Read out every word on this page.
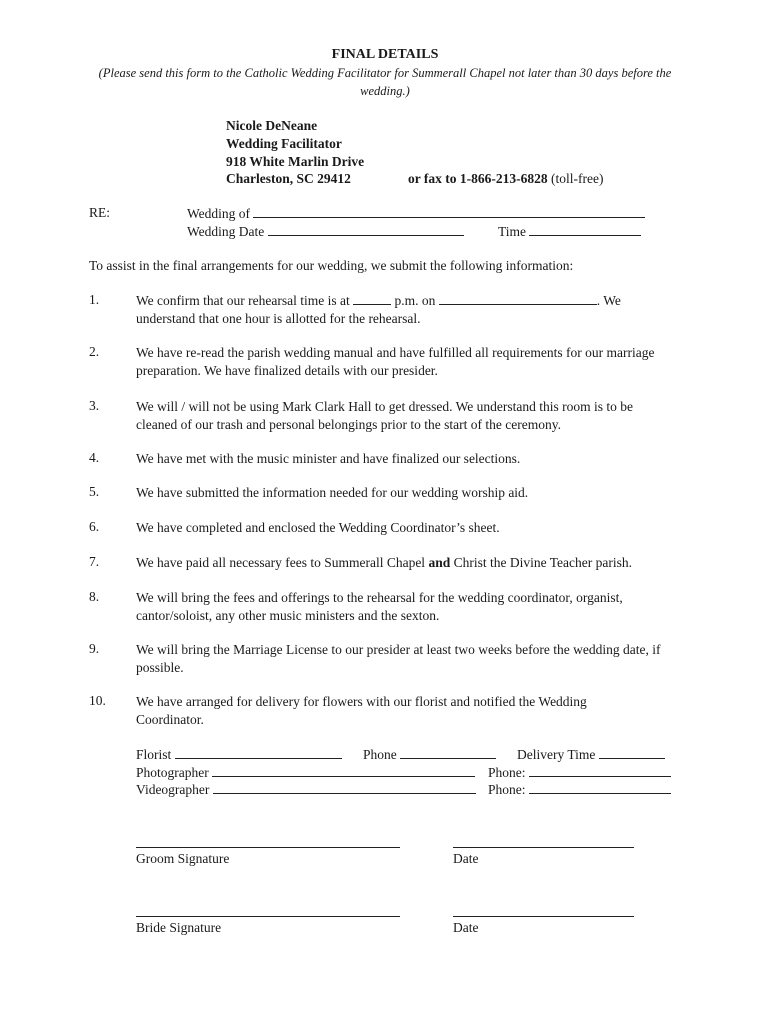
FINAL DETAILS
(Please send this form to the Catholic Wedding Facilitator for Summerall Chapel not later than 30 days before the
wedding.)
Nicole DeNeane
Wedding Facilitator
918 White Marlin Drive
Charleston, SC 29412	or fax to 1-866-213-6828 (toll-free)
RE:	Wedding of
Wedding Date	Time
To assist in the final arrangements for our wedding, we submit the following information:
1.	We confirm that our rehearsal time is at	p.m. on	. We
understand that one hour is allotted for the rehearsal.
2.	We have re-read the parish wedding manual and have fulfilled all requirements for our marriage preparation. We have finalized details with our presider.
3.	We will / will not be using Mark Clark Hall to get dressed. We understand this room is to be cleaned of our trash and personal belongings prior to the start of the ceremony.
4.	We have met with the music minister and have finalized our selections.
5.	We have submitted the information needed for our wedding worship aid.
6.	We have completed and enclosed the Wedding Coordinator’s sheet.
7.	We have paid all necessary fees to Summerall Chapel and Christ the Divine Teacher parish.
8.	We will bring the fees and offerings to the rehearsal for the wedding coordinator, organist, cantor/soloist, any other music ministers and the sexton.
9.	We will bring the Marriage License to our presider at least two weeks before the wedding date, if possible.
10. We have arranged for delivery for flowers with our florist and notified the Wedding Coordinator.
Florist	Phone	Delivery Time
Photographer	Phone:
Videographer	Phone:
Groom Signature	Date
Bride Signature	Date
